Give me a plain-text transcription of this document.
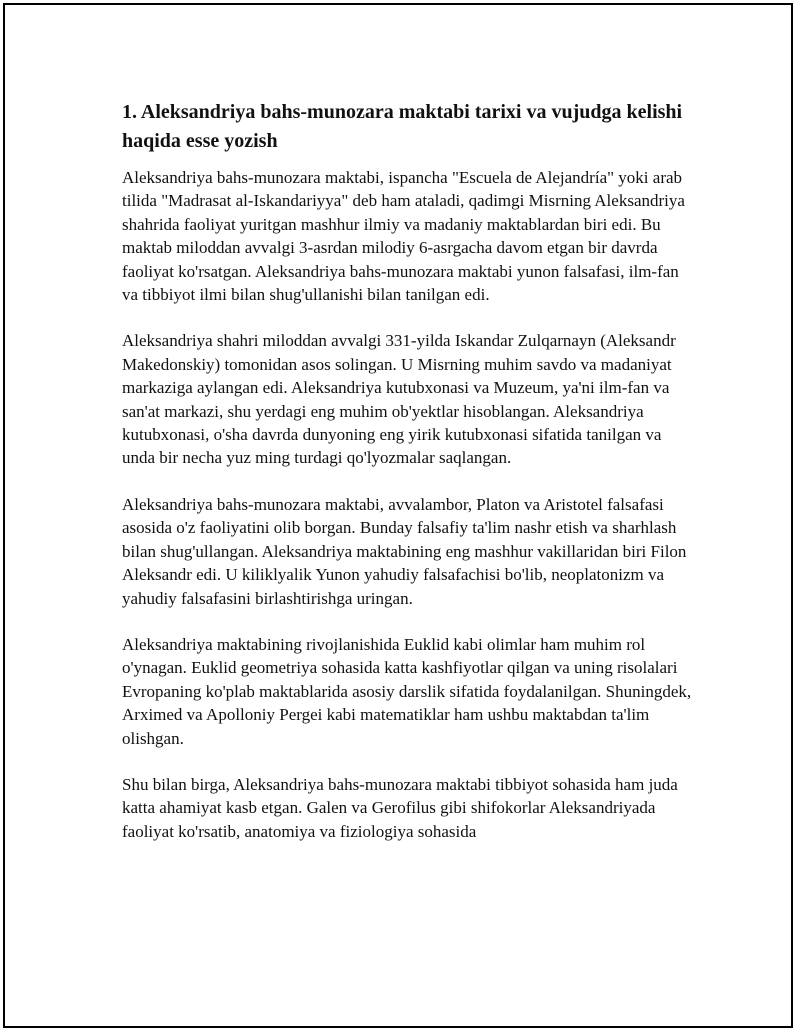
1. Aleksandriya bahs-munozara maktabi tarixi va vujudga kelishi haqida esse yozish

Aleksandriya bahs-munozara maktabi, ispancha "Escuela de Alejandría" yoki arab tilida "Madrasat al-Iskandariyya" deb ham ataladi, qadimgi Misrning Aleksandriya shahrida faoliyat yuritgan mashhur ilmiy va madaniy maktablardan biri edi. Bu maktab miloddan avvalgi 3-asrdan milodiy 6-asrgacha davom etgan bir davrda faoliyat ko'rsatgan. Aleksandriya bahs-munozara maktabi yunon falsafasi, ilm-fan va tibbiyot ilmi bilan shug'ullanishi bilan tanilgan edi.

Aleksandriya shahri miloddan avvalgi 331-yilda Iskandar Zulqarnayn (Aleksandr Makedonskiy) tomonidan asos solingan. U Misrning muhim savdo va madaniyat markaziga aylangan edi. Aleksandriya kutubxonasi va Muzeum, ya'ni ilm-fan va san'at markazi, shu yerdagi eng muhim ob'yektlar hisoblangan. Aleksandriya kutubxonasi, o'sha davrda dunyoning eng yirik kutubxonasi sifatida tanilgan va unda bir necha yuz ming turdagi qo'lyozmalar saqlangan.

Aleksandriya bahs-munozara maktabi, avvalambor, Platon va Aristotel falsafasi asosida o'z faoliyatini olib borgan. Bunday falsafiy ta'lim nashr etish va sharhlash bilan shug'ullangan. Aleksandriya maktabining eng mashhur vakillaridan biri Filon Aleksandr edi. U kiliklyalik Yunon yahudiy falsafachisi bo'lib, neoplatonizm va yahudiy falsafasini birlashtirishga uringan.

Aleksandriya maktabining rivojlanishida Euklid kabi olimlar ham muhim rol o'ynagan. Euklid geometriya sohasida katta kashfiyotlar qilgan va uning risolalari Evropaning ko'plab maktablarida asosiy darslik sifatida foydalanilgan. Shuningdek, Arximed va Apolloniy Pergei kabi matematiklar ham ushbu maktabdan ta'lim olishgan.

Shu bilan birga, Aleksandriya bahs-munozara maktabi tibbiyot sohasida ham juda katta ahamiyat kasb etgan. Galen va Gerofilus gibi shifokorlar Aleksandriyada faoliyat ko'rsatib, anatomiya va fiziologiya sohasida
